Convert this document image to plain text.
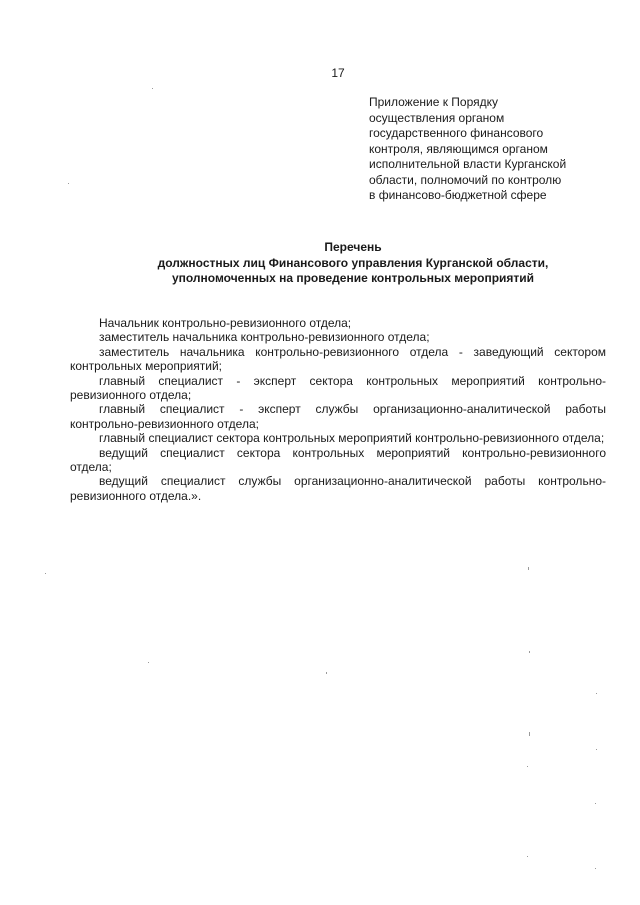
17
Приложение к Порядку
осуществления органом
государственного финансового
контроля, являющимся органом
исполнительной власти Курганской
области, полномочий по контролю
в финансово-бюджетной сфере
Перечень
должностных лиц Финансового управления Курганской области,
уполномоченных на проведение контрольных мероприятий
Начальник контрольно-ревизионного отдела;
заместитель начальника контрольно-ревизионного отдела;
заместитель начальника контрольно-ревизионного отдела - заведующий сектором контрольных мероприятий;
главный специалист - эксперт сектора контрольных мероприятий контрольно-ревизионного отдела;
главный специалист - эксперт службы организационно-аналитической работы контрольно-ревизионного отдела;
главный специалист сектора контрольных мероприятий контрольно-ревизионного отдела;
ведущий специалист сектора контрольных мероприятий контрольно-ревизионного отдела;
ведущий специалист службы организационно-аналитической работы контрольно-ревизионного отдела.».
